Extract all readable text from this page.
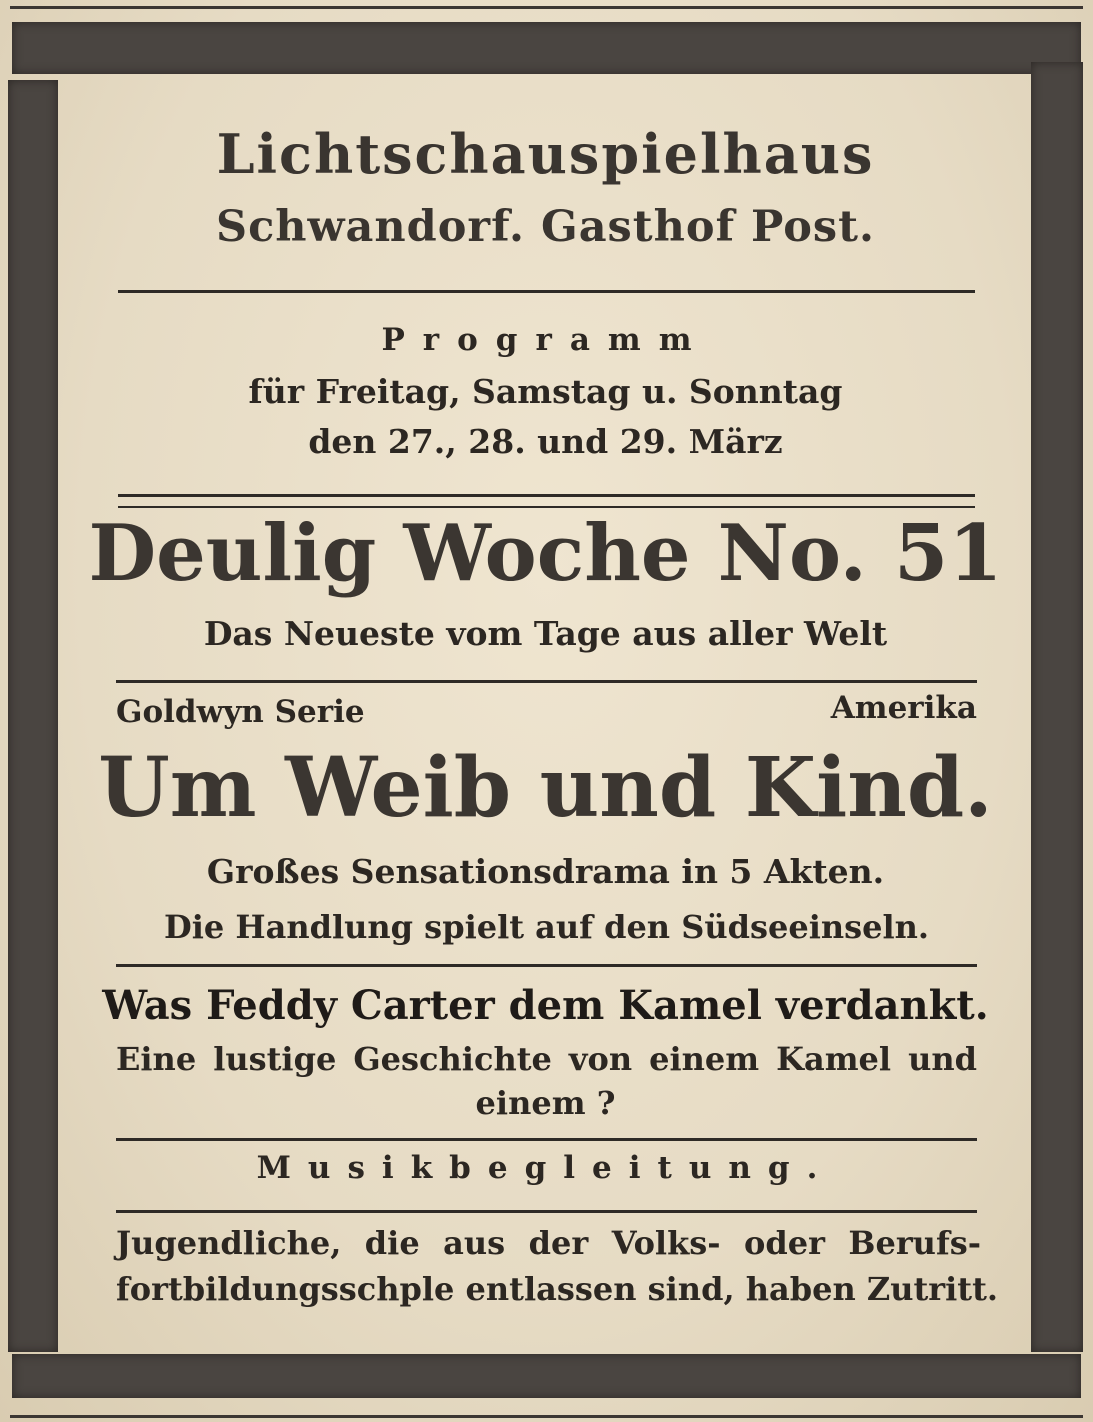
Lichtschauspielhaus

Schwandorf. Gasthof Post.

Programm

für Freitag, Samstag u. Sonntag

den 27., 28. und 29. März

Deulig Woche No. 51

Das Neueste vom Tage aus aller Welt

Goldwyn Serie	Amerika

Um Weib und Kind.

Großes Sensationsdrama in 5 Akten.

Die Handlung spielt auf den Südseeinseln.

Was Feddy Carter dem Kamel verdankt.

Eine lustige Geschichte von einem Kamel und

einem ?

Musikbegleitung.

Jugendliche, die aus der Volks- oder Berufs-

fortbildungsschple entlassen sind, haben Zutritt.
